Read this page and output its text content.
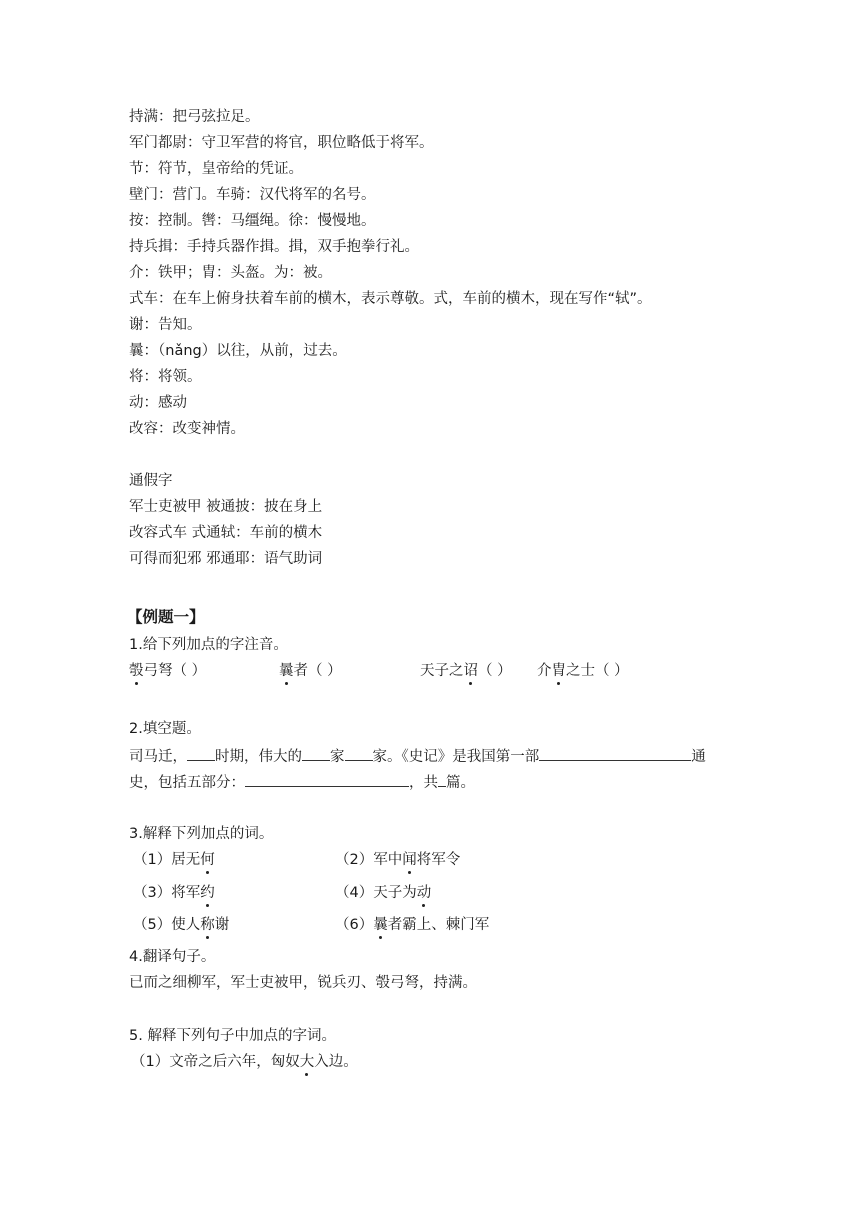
持满：把弓弦拉足。
军门都尉：守卫军营的将官，职位略低于将军。
节：符节，皇帝给的凭证。
壁门：营门。车骑：汉代将军的名号。
按：控制。辔：马缰绳。徐：慢慢地。
持兵揖：手持兵器作揖。揖，双手抱拳行礼。
介：铁甲；胄：头盔。为：被。
式车：在车上俯身扶着车前的横木，表示尊敬。式，车前的横木，现在写作“轼”。
谢：告知。
曩：（nǎng）以往，从前，过去。
将：将领。
动：感动
改容：改变神情。
通假字
军士吏被甲 被通披：披在身上
改容式车 式通轼：车前的横木
可得而犯邪 邪通耶：语气助词
【例题一】
1.给下列加点的字注音。
彀弓弩（ ）	曩者（ ）	天子之诏（ ） 介胄之士（ ）
2.填空题。
司马迁， 时期，伟大的 家 家。《史记》是我国第一部	通
史，包括五部分：	，共 篇。
3.解释下列加点的词。
（1）居无何	（2）军中闻将军令
（3）将军约	（4）天子为动
（5）使人称谢	（6）曩者霸上、棘门军
4.翻译句子。
已而之细柳军，军士吏被甲，锐兵刃、彀弓弩，持满。
5. 解释下列句子中加点的字词。
（1）文帝之后六年，匈奴大入边。
